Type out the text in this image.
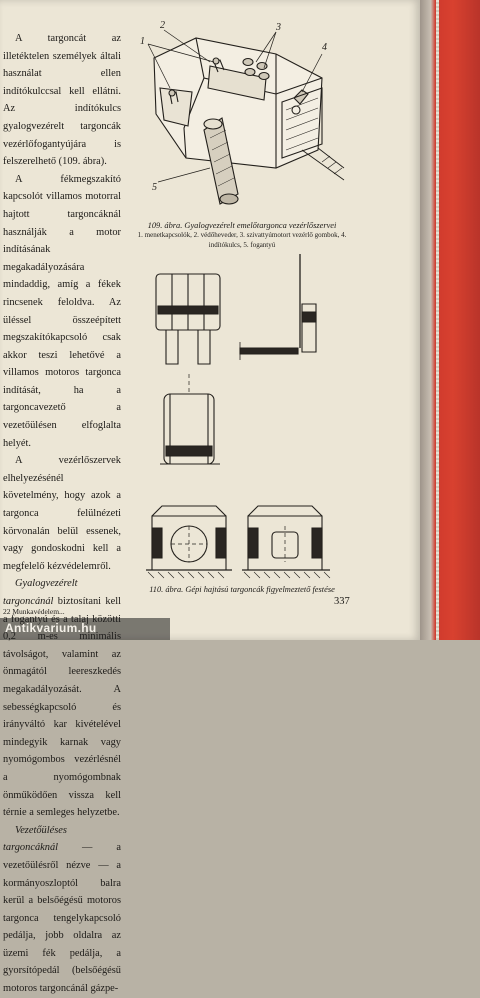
A targoncát az illetéktelen személyek általi használat ellen indítókulccsal kell ellátni. Az indítókulcs gyalogvezérelt targoncák vezérlőfogantyújára is felszerelhető (109. ábra).

A fékmegszakító kapcsolót villamos motorral hajtott targoncáknál használják a motor indításának megakadályozására mindaddig, amíg a fékek rincsenek feloldva. Az üléssel összeépített megszakítókapcsoló csak akkor teszi lehetővé a villamos motoros targonca indítását, ha a targoncavezető a vezetőülésen elfoglalta helyét.

A vezérlőszervek elhelyezésénél követelmény, hogy azok a targonca felülnézeti körvonalán belül essenek, vagy gondoskodni kell a megfelelő kézvédelemről.

Gyalogvezérelt targoncánál biztosítani kell távolságot, valamint az önmagától leereszkedés megakadályozását. A sebességkapcsoló és irányváltó kar kivételével mindegyik karnak vagy nyomógombos vezérlésnél a nyomógombnak önműködően vissza kell térnie a semleges helyzetbe.

Vezetőüléses targoncáknál — a vezetőülésről nézve — a kormányoszloptól balra kerül a belsőégésű motoros targonca tengelykapcsoló pedálja, jobb oldalra az üzemi fék pedálja, a gyorsítópedál (belsőégésű motoros targoncánál gázpe-

1
2	3
4
5
109. ábra. Gyalogvezérelt emelőtargonca vezérlőszervei
1. menetkapcsolók, 2. védőheveder, 3. szivattyúmotort vezérlő gombok, 4. indítókulcs, 5. fogantyú
110. ábra. Gépi hajtású targoncák figyelmeztető festése
337
22 Munkavédelem...
Antikvarium.hu
